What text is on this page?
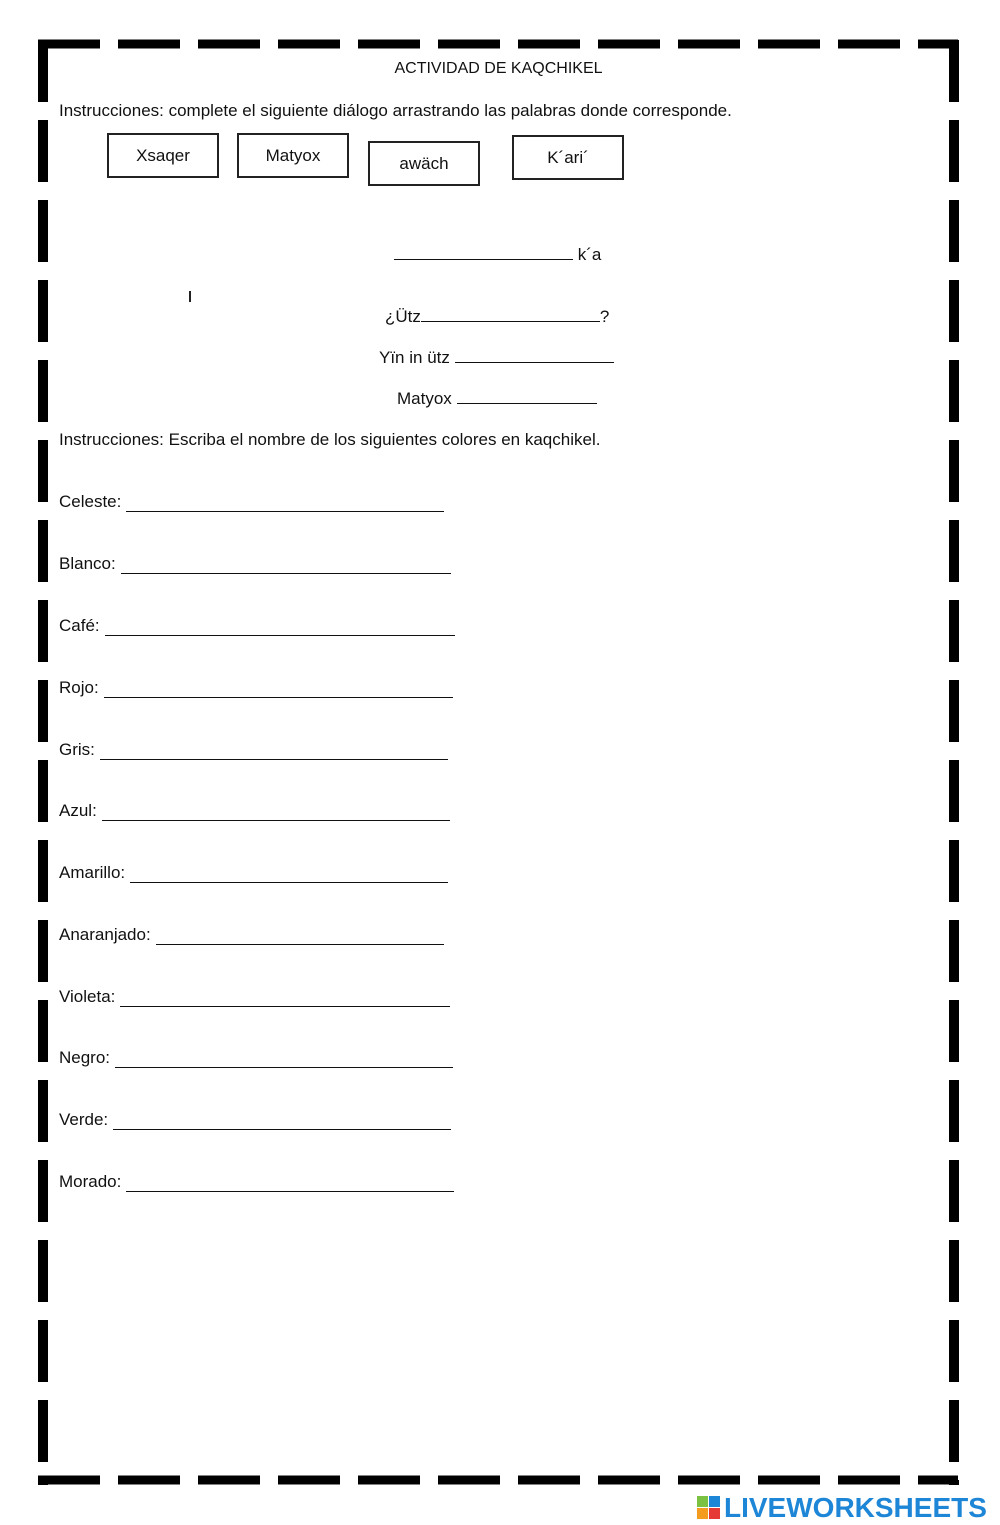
ACTIVIDAD DE KAQCHIKEL
Instrucciones: complete el siguiente diálogo arrastrando las palabras donde corresponde.
Xsaqer	Matyox	awäch	K´ari´
k´a
¿Ütz	?
Yïn in ütz
Matyox
Instrucciones: Escriba el nombre de los siguientes colores en kaqchikel.
Celeste:
Blanco:
Café:
Rojo:
Gris:
Azul:
Amarillo:
Anaranjado:
Violeta:
Negro:
Verde:
Morado:
LIVEWORKSHEETS
